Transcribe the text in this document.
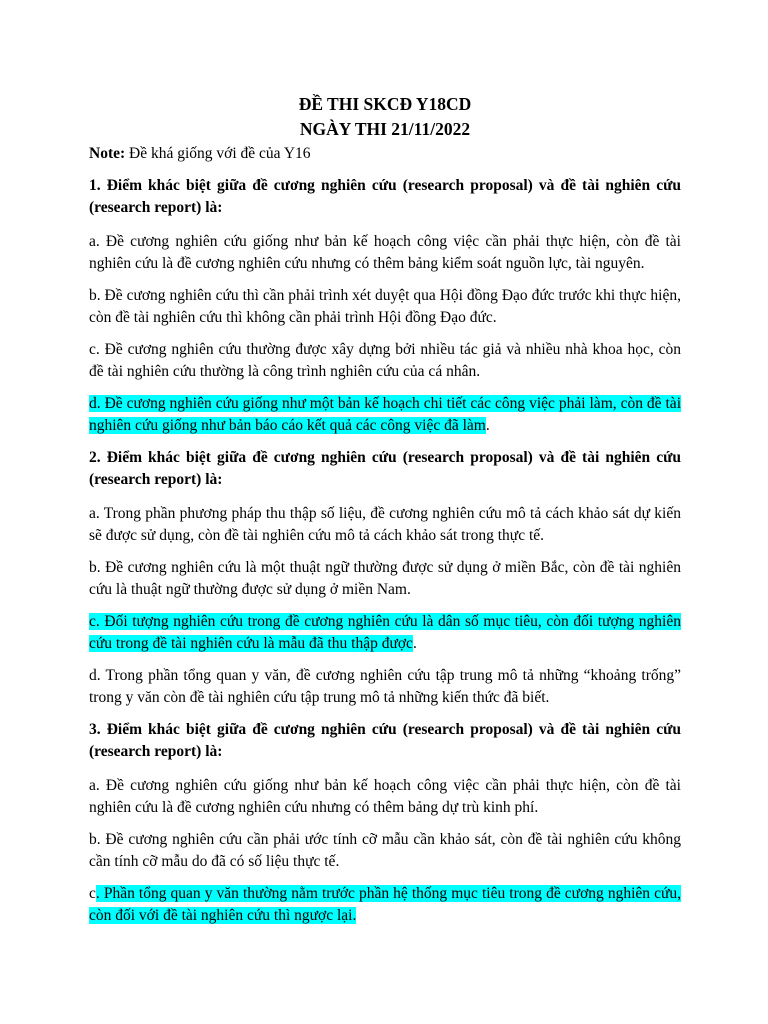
ĐỀ THI SKCĐ Y18CD

NGÀY THI 21/11/2022

Note: Đề khá giống với đề của Y16

1. Điểm khác biệt giữa đề cương nghiên cứu (research proposal) và đề tài nghiên cứu (research report) là:

a. Đề cương nghiên cứu giống như bản kế hoạch công việc cần phải thực hiện, còn đề tài nghiên cứu là đề cương nghiên cứu nhưng có thêm bảng kiểm soát nguồn lực, tài nguyên.

b. Đề cương nghiên cứu thì cần phải trình xét duyệt qua Hội đồng Đạo đức trước khi thực hiện, còn đề tài nghiên cứu thì không cần phải trình Hội đồng Đạo đức.

c. Đề cương nghiên cứu thường được xây dựng bởi nhiều tác giả và nhiều nhà khoa học, còn đề tài nghiên cứu thường là công trình nghiên cứu của cá nhân.

d. Đề cương nghiên cứu giống như một bản kế hoạch chi tiết các công việc phải làm, còn đề tài nghiên cứu giống như bản báo cáo kết quả các công việc đã làm.

2. Điểm khác biệt giữa đề cương nghiên cứu (research proposal) và đề tài nghiên cứu (research report) là:

a. Trong phần phương pháp thu thập số liệu, đề cương nghiên cứu mô tả cách khảo sát dự kiến sẽ được sử dụng, còn đề tài nghiên cứu mô tả cách khảo sát trong thực tế.

b. Đề cương nghiên cứu là một thuật ngữ thường được sử dụng ở miền Bắc, còn đề tài nghiên cứu là thuật ngữ thường được sử dụng ở miền Nam.

c. Đối tượng nghiên cứu trong đề cương nghiên cứu là dân số mục tiêu, còn đối tượng nghiên cứu trong đề tài nghiên cứu là mẫu đã thu thập được.

d. Trong phần tổng quan y văn, đề cương nghiên cứu tập trung mô tả những “khoảng trống” trong y văn còn đề tài nghiên cứu tập trung mô tả những kiến thức đã biết.

3. Điểm khác biệt giữa đề cương nghiên cứu (research proposal) và đề tài nghiên cứu (research report) là:

a. Đề cương nghiên cứu giống như bản kế hoạch công việc cần phải thực hiện, còn đề tài nghiên cứu là đề cương nghiên cứu nhưng có thêm bảng dự trù kinh phí.

b. Đề cương nghiên cứu cần phải ước tính cỡ mẫu cần khảo sát, còn đề tài nghiên cứu không cần tính cỡ mẫu do đã có số liệu thực tế.

c. Phần tổng quan y văn thường nằm trước phần hệ thống mục tiêu trong đề cương nghiên cứu, còn đối với đề tài nghiên cứu thì ngược lại.
